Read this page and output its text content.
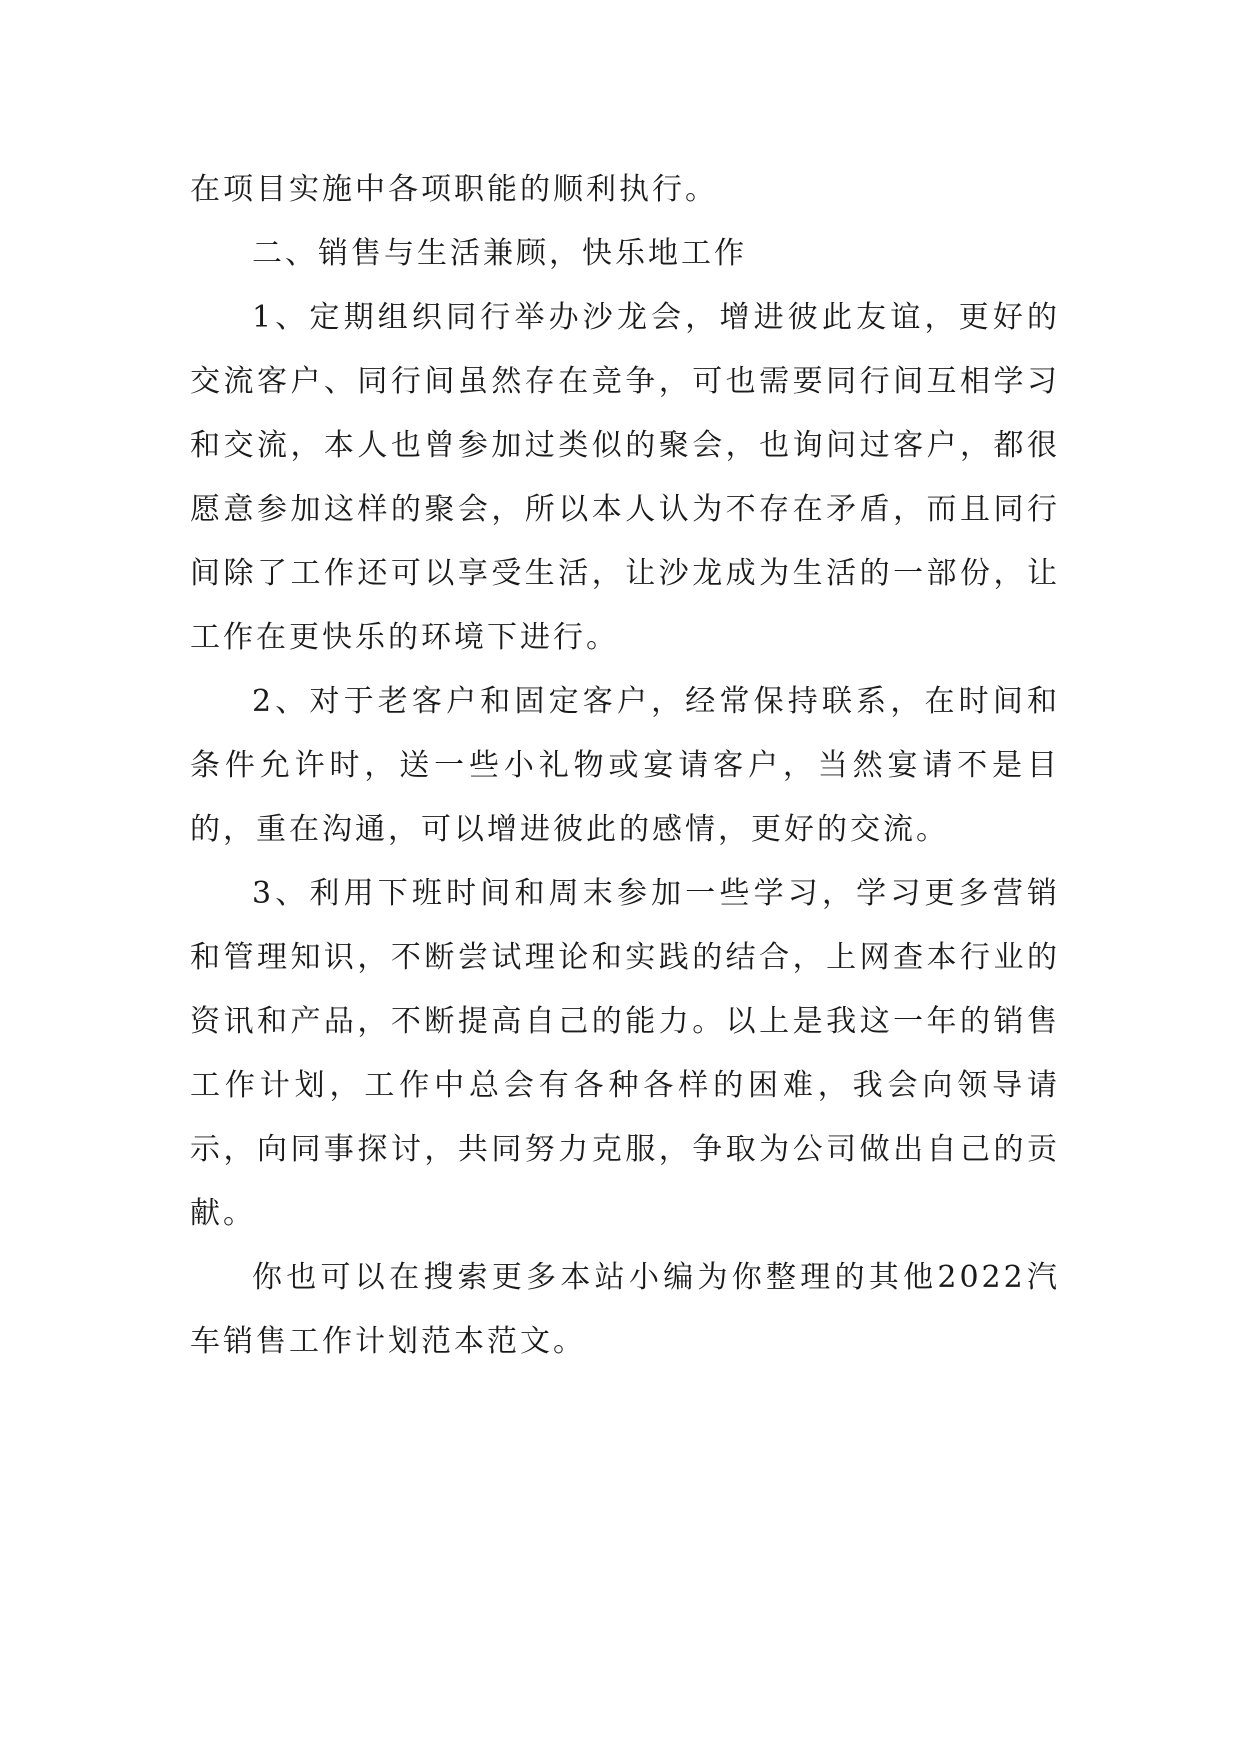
在项目实施中各项职能的顺利执行。

二、销售与生活兼顾，快乐地工作

1、定期组织同行举办沙龙会，增进彼此友谊，更好的交流客户、同行间虽然存在竞争，可也需要同行间互相学习和交流，本人也曾参加过类似的聚会，也询问过客户，都很愿意参加这样的聚会，所以本人认为不存在矛盾，而且同行间除了工作还可以享受生活，让沙龙成为生活的一部份，让工作在更快乐的环境下进行。

2、对于老客户和固定客户，经常保持联系，在时间和条件允许时，送一些小礼物或宴请客户，当然宴请不是目的，重在沟通，可以增进彼此的感情，更好的交流。

3、利用下班时间和周末参加一些学习，学习更多营销和管理知识，不断尝试理论和实践的结合，上网查本行业的资讯和产品，不断提高自己的能力。以上是我这一年的销售工作计划，工作中总会有各种各样的困难，我会向领导请示，向同事探讨，共同努力克服，争取为公司做出自己的贡献。

你也可以在搜索更多本站小编为你整理的其他2022汽车销售工作计划范本范文。
